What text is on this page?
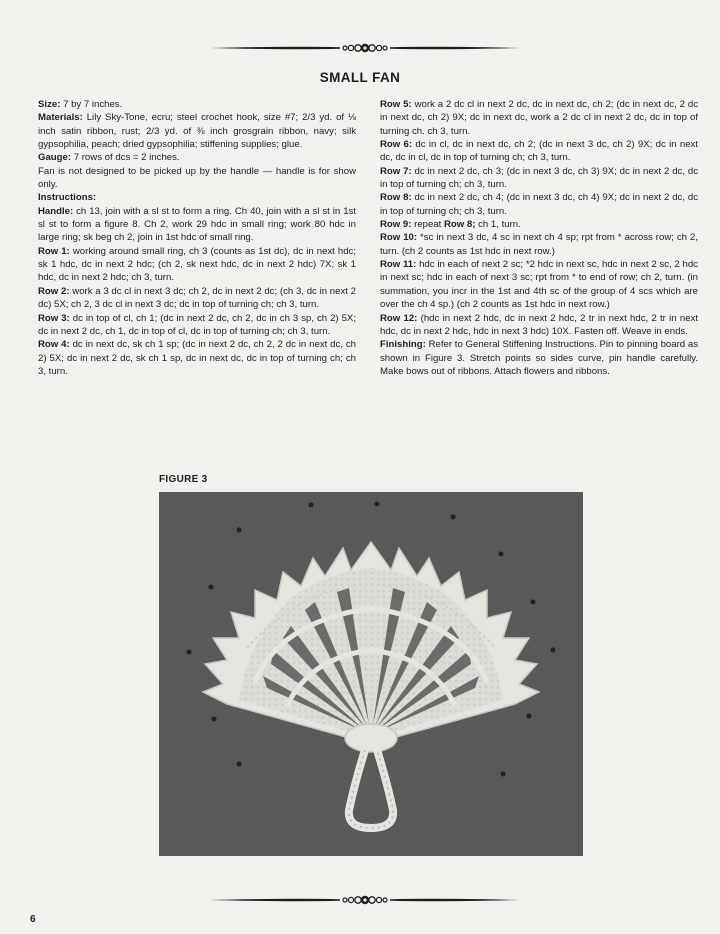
SMALL FAN

Size: 7 by 7 inches.

Materials: Lily Sky-Tone, ecru; steel crochet hook, size #7; 2/3 yd. of ⅛ inch satin ribbon, rust; 2/3 yd. of ⅜ inch grosgrain ribbon, navy; silk gypsophilia, peach; dried gypsophilia; stiffening supplies; glue.

Gauge: 7 rows of dcs = 2 inches.

Fan is not designed to be picked up by the handle — handle is for show only.

Instructions:

Handle: ch 13, join with a sl st to form a ring. Ch 40, join with a sl st in 1st sl st to form a figure 8. Ch 2, work 29 hdc in small ring; work 80 hdc in large ring; sk beg ch 2, join in 1st hdc of small ring.

Row 1: working around small ring, ch 3 (counts as 1st dc), dc in next hdc; sk 1 hdc, dc in next 2 hdc; (ch 2, sk next hdc, dc in next 2 hdc) 7X; sk 1 hdc, dc in next 2 hdc; ch 3, turn.

Row 2: work a 3 dc cl in next 3 dc; ch 2, dc in next 2 dc; (ch 3, dc in next 2 dc) 5X; ch 2, 3 dc cl in next 3 dc; dc in top of turning ch; ch 3, turn.

Row 3: dc in top of cl, ch 1; (dc in next 2 dc, ch 2, dc in ch 3 sp, ch 2) 5X; dc in next 2 dc, ch 1, dc in top of cl, dc in top of turning ch; ch 3, turn.

Row 4: dc in next dc, sk ch 1 sp; (dc in next 2 dc, ch 2, 2 dc in next dc, ch 2) 5X; dc in next 2 dc, sk ch 1 sp, dc in next dc, dc in top of turning ch; ch 3, turn.

Row 5: work a 2 dc cl in next 2 dc, dc in next dc, ch 2; (dc in next dc, 2 dc in next dc, ch 2) 9X; dc in next dc, work a 2 dc cl in next 2 dc, dc in top of turning ch. ch 3, turn.

Row 6: dc in cl, dc in next dc, ch 2; (dc in next 3 dc, ch 2) 9X; dc in next dc, dc in cl, dc in top of turning ch; ch 3, turn.

Row 7: dc in next 2 dc, ch 3; (dc in next 3 dc, ch 3) 9X; dc in next 2 dc, dc in top of turning ch; ch 3, turn.

Row 8: dc in next 2 dc, ch 4; (dc in next 3 dc, ch 4) 9X; dc in next 2 dc, dc in top of turning ch; ch 3, turn.

Row 9: repeat Row 8; ch 1, turn.

Row 10: *sc in next 3 dc, 4 sc in next ch 4 sp; rpt from * across row; ch 2, turn. (ch 2 counts as 1st hdc in next row.)

Row 11: hdc in each of next 2 sc; *2 hdc in next sc, hdc in next 2 sc, 2 hdc in next sc; hdc in each of next 3 sc; rpt from * to end of row; ch 2, turn. (in summation, you incr in the 1st and 4th sc of the group of 4 scs which are over the ch 4 sp.) (ch 2 counts as 1st hdc in next row.)

Row 12: (hdc in next 2 hdc, dc in next 2 hdc, 2 tr in next hdc, 2 tr in next hdc, dc in next 2 hdc, hdc in next 3 hdc) 10X. Fasten off. Weave in ends.

Finishing: Refer to General Stiffening Instructions. Pin to pinning board as shown in Figure 3. Stretch points so sides curve, pin handle carefully. Make bows out of ribbons. Attach flowers and ribbons.

FIGURE 3
6
